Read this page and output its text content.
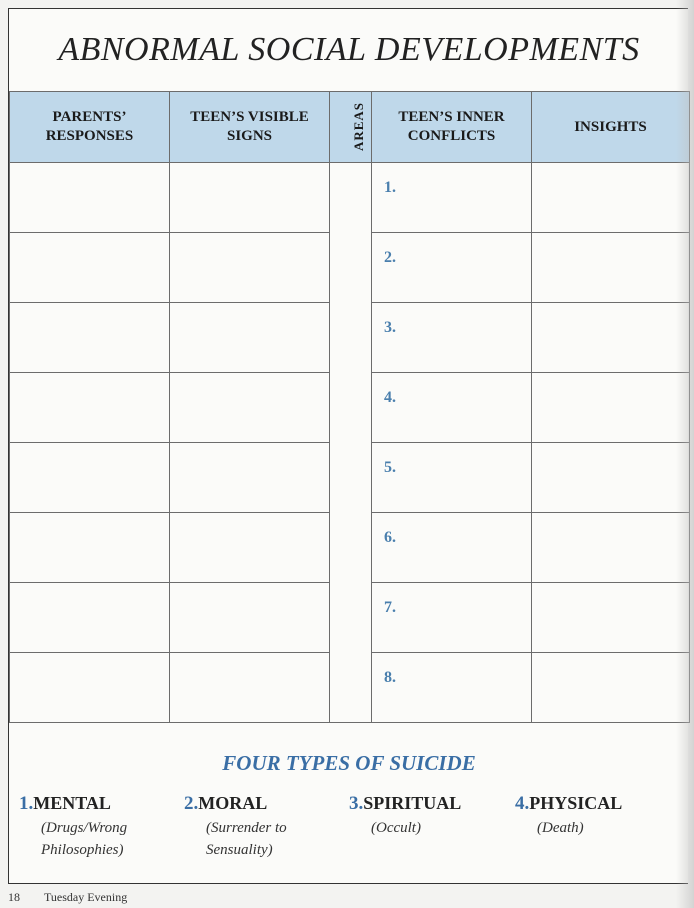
ABNORMAL SOCIAL DEVELOPMENTS
PARENTS’ RESPONSES	TEEN’S VISIBLE SIGNS	AREAS	TEEN’S INNER CONFLICTS	INSIGHTS

			1.	

			2.	

			3.	

			4.	

			5.	

			6.	

			7.	

			8.	

FOUR TYPES OF SUICIDE
1.MENTAL
(Drugs/Wrong
Philosophies)
2.MORAL
(Surrender to
Sensuality)
3.SPIRITUAL
(Occult)
4.PHYSICAL
(Death)
18 Tuesday Evening
